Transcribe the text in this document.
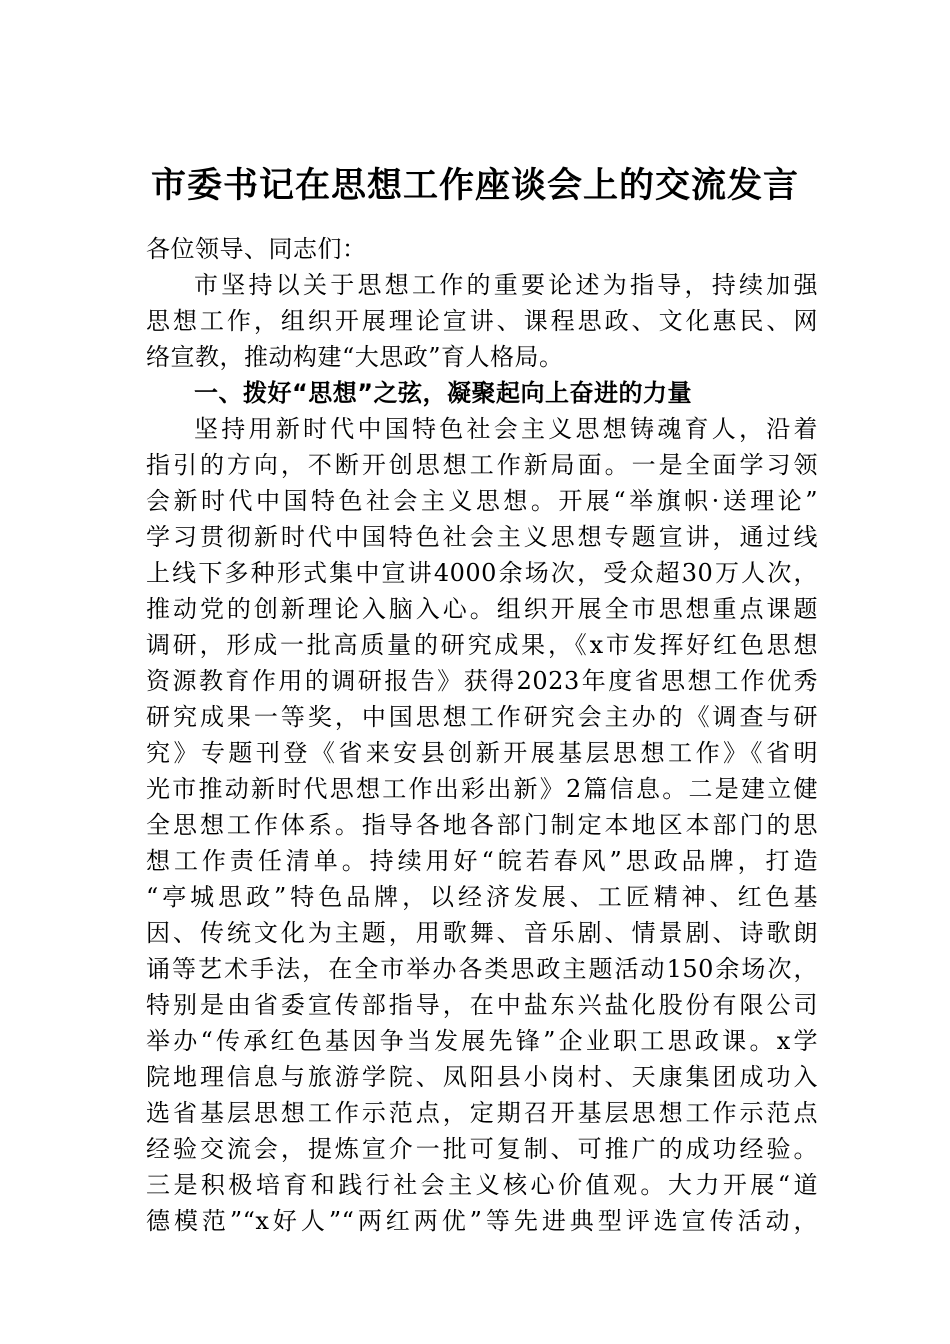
市委书记在思想工作座谈会上的交流发言
各位领导、同志们：
市坚持以关于思想工作的重要论述为指导，持续加强
思想工作，组织开展理论宣讲、课程思政、文化惠民、网
络宣教，推动构建“大思政”育人格局。
一、拨好“思想”之弦，凝聚起向上奋进的力量
坚持用新时代中国特色社会主义思想铸魂育人，沿着
指引的方向，不断开创思想工作新局面。一是全面学习领
会新时代中国特色社会主义思想。开展“举旗帜·送理论”
学习贯彻新时代中国特色社会主义思想专题宣讲，通过线
上线下多种形式集中宣讲4000余场次，受众超30万人次，
推动党的创新理论入脑入心。组织开展全市思想重点课题
调研，形成一批高质量的研究成果，《x市发挥好红色思想
资源教育作用的调研报告》获得2023年度省思想工作优秀
研究成果一等奖，中国思想工作研究会主办的《调查与研
究》专题刊登《省来安县创新开展基层思想工作》《省明
光市推动新时代思想工作出彩出新》2篇信息。二是建立健
全思想工作体系。指导各地各部门制定本地区本部门的思
想工作责任清单。持续用好“皖若春风”思政品牌，打造
“亭城思政”特色品牌，以经济发展、工匠精神、红色基
因、传统文化为主题，用歌舞、音乐剧、情景剧、诗歌朗
诵等艺术手法，在全市举办各类思政主题活动150余场次，
特别是由省委宣传部指导，在中盐东兴盐化股份有限公司
举办“传承红色基因争当发展先锋”企业职工思政课。x学
院地理信息与旅游学院、凤阳县小岗村、天康集团成功入
选省基层思想工作示范点，定期召开基层思想工作示范点
经验交流会，提炼宣介一批可复制、可推广的成功经验。
三是积极培育和践行社会主义核心价值观。大力开展“道
德模范”“x好人”“两红两优”等先进典型评选宣传活动，
